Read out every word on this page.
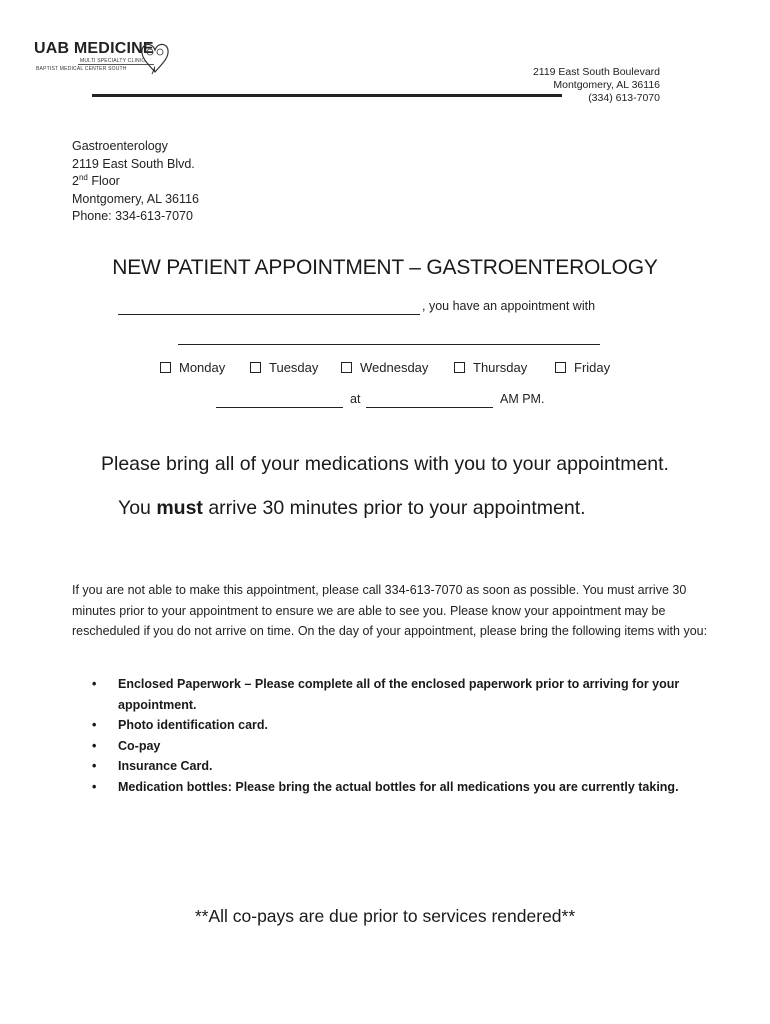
UAB MEDICINE
MULTI SPECIALTY CLINIC
BAPTIST MEDICAL CENTER SOUTH	2119 East South Boulevard
Montgomery, AL 36116
(334) 613-7070
Gastroenterology
2119 East South Blvd.
2nd Floor
Montgomery, AL 36116
Phone: 334-613-7070
NEW PATIENT APPOINTMENT – GASTROENTEROLOGY
, you have an appointment with
Monday	Tuesday	Wednesday	Thursday	Friday
at	AM PM.
Please bring all of your medications with you to your appointment.
You must arrive 30 minutes prior to your appointment.
If you are not able to make this appointment, please call 334-613-7070 as soon as possible. You must arrive 30 minutes prior to your appointment to ensure we are able to see you. Please know your appointment may be rescheduled if you do not arrive on time. On the day of your appointment, please bring the following items with you:
• Enclosed Paperwork – Please complete all of the enclosed paperwork prior to arriving for your appointment.
• Photo identification card.
• Co-pay
• Insurance Card.
• Medication bottles: Please bring the actual bottles for all medications you are currently taking.
**All co-pays are due prior to services rendered**
